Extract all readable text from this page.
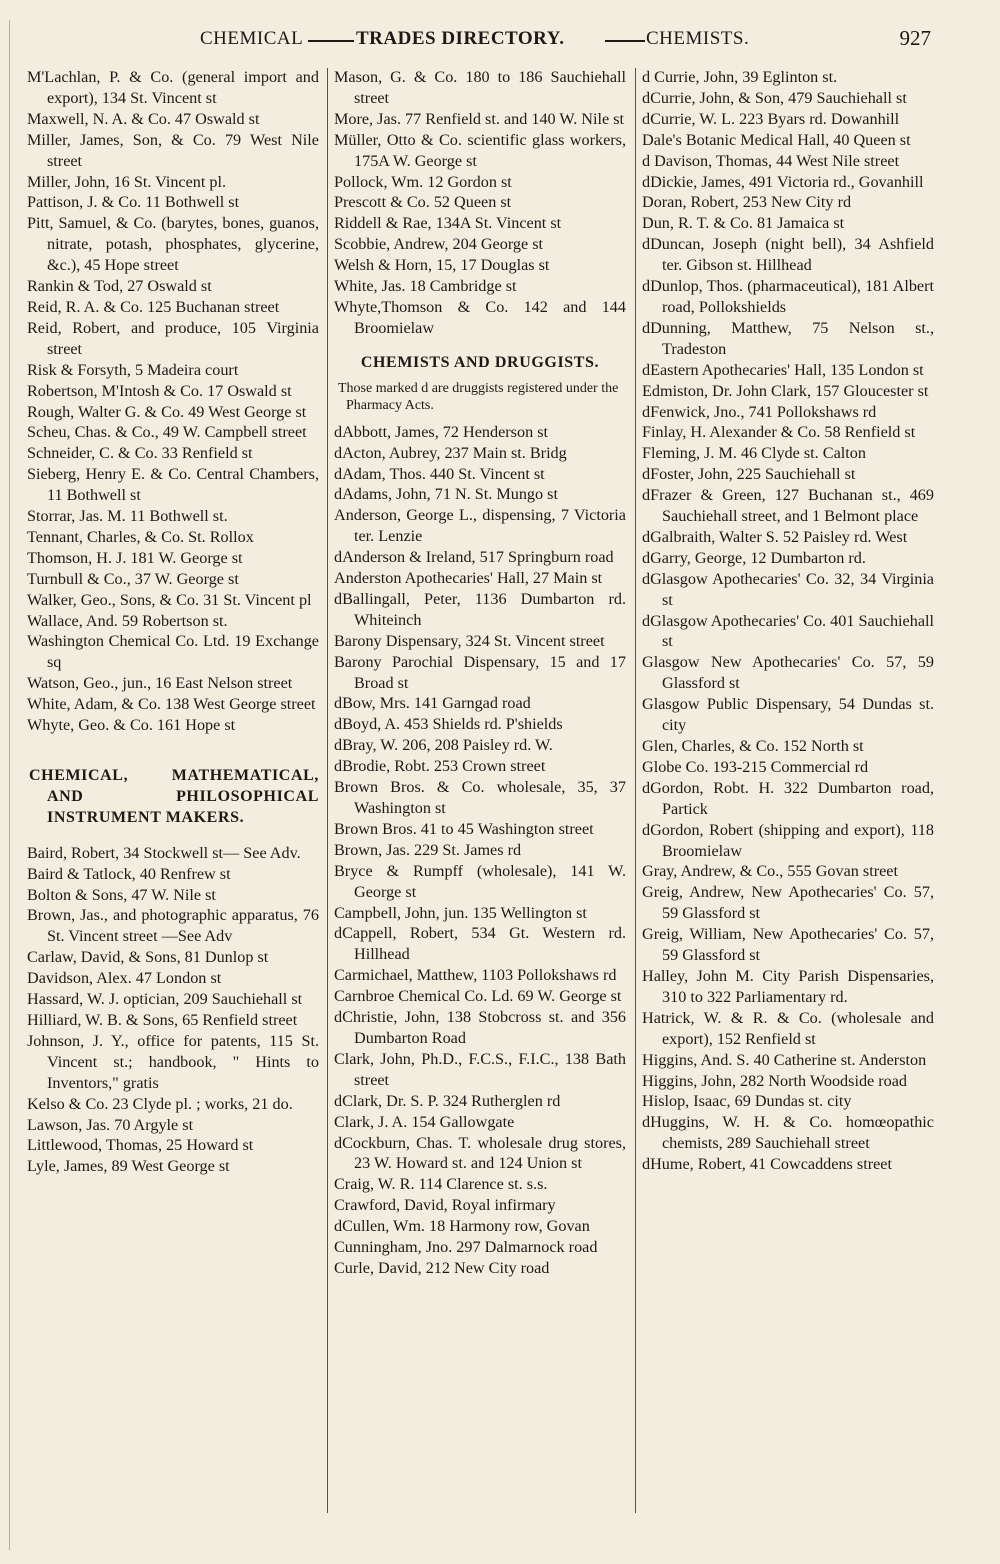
CHEMICAL	TRADES DIRECTORY.	CHEMISTS.	927
M'Lachlan, P. & Co. (general import and export), 134 St. Vincent st
Maxwell, N. A. & Co. 47 Oswald st
Miller, James, Son, & Co. 79 West Nile street
Miller, John, 16 St. Vincent pl.
Pattison, J. & Co. 11 Bothwell st
Pitt, Samuel, & Co. (barytes, bones, guanos, nitrate, potash, phosphates, glycerine, &c.), 45 Hope street
Rankin & Tod, 27 Oswald st
Reid, R. A. & Co. 125 Buchanan street
Reid, Robert, and produce, 105 Virginia street
Risk & Forsyth, 5 Madeira court
Robertson, M'Intosh & Co. 17 Oswald st
Rough, Walter G. & Co. 49 West George st
Scheu, Chas. & Co., 49 W. Campbell street
Schneider, C. & Co. 33 Renfield st
Sieberg, Henry E. & Co. Central Chambers, 11 Bothwell st
Storrar, Jas. M. 11 Bothwell st.
Tennant, Charles, & Co. St. Rollox
Thomson, H. J. 181 W. George st
Turnbull & Co., 37 W. George st
Walker, Geo., Sons, & Co. 31 St. Vincent pl
Wallace, And. 59 Robertson st.
Washington Chemical Co. Ltd. 19 Exchange sq
Watson, Geo., jun., 16 East Nelson street
White, Adam, & Co. 138 West George street
Whyte, Geo. & Co. 161 Hope st
CHEMICAL, MATHEMATICAL, AND PHILOSOPHICAL INSTRUMENT MAKERS.
Baird, Robert, 34 Stockwell st— See Adv.
Baird & Tatlock, 40 Renfrew st
Bolton & Sons, 47 W. Nile st
Brown, Jas., and photographic apparatus, 76 St. Vincent street —See Adv
Carlaw, David, & Sons, 81 Dunlop st
Davidson, Alex. 47 London st
Hassard, W. J. optician, 209 Sauchiehall st
Hilliard, W. B. & Sons, 65 Renfield street
Johnson, J. Y., office for patents, 115 St. Vincent st.; handbook, " Hints to Inventors," gratis
Kelso & Co. 23 Clyde pl. ; works, 21 do.
Lawson, Jas. 70 Argyle st
Littlewood, Thomas, 25 Howard st
Lyle, James, 89 West George st
Mason, G. & Co. 180 to 186 Sauchiehall street
More, Jas. 77 Renfield st. and 140 W. Nile st
Müller, Otto & Co. scientific glass workers, 175A W. George st
Pollock, Wm. 12 Gordon st
Prescott & Co. 52 Queen st
Riddell & Rae, 134A St. Vincent st
Scobbie, Andrew, 204 George st
Welsh & Horn, 15, 17 Douglas st
White, Jas. 18 Cambridge st
Whyte,Thomson & Co. 142 and 144 Broomielaw
CHEMISTS AND DRUGGISTS.
Those marked d are druggists registered under the Pharmacy Acts.
dAbbott, James, 72 Henderson st
dActon, Aubrey, 237 Main st. Bridg
dAdam, Thos. 440 St. Vincent st
dAdams, John, 71 N. St. Mungo st
Anderson, George L., dispensing, 7 Victoria ter. Lenzie
dAnderson & Ireland, 517 Springburn road
Anderston Apothecaries' Hall, 27 Main st
dBallingall, Peter, 1136 Dumbarton rd. Whiteinch
Barony Dispensary, 324 St. Vincent street
Barony Parochial Dispensary, 15 and 17 Broad st
dBow, Mrs. 141 Garngad road
dBoyd, A. 453 Shields rd. P'shields
dBray, W. 206, 208 Paisley rd. W.
dBrodie, Robt. 253 Crown street
Brown Bros. & Co. wholesale, 35, 37 Washington st
Brown Bros. 41 to 45 Washington street
Brown, Jas. 229 St. James rd
Bryce & Rumpff (wholesale), 141 W. George st
Campbell, John, jun. 135 Wellington st
dCappell, Robert, 534 Gt. Western rd. Hillhead
Carmichael, Matthew, 1103 Pollokshaws rd
Carnbroe Chemical Co. Ld. 69 W. George st
dChristie, John, 138 Stobcross st. and 356 Dumbarton Road
Clark, John, Ph.D., F.C.S., F.I.C., 138 Bath street
dClark, Dr. S. P. 324 Rutherglen rd
Clark, J. A. 154 Gallowgate
dCockburn, Chas. T. wholesale drug stores, 23 W. Howard st. and 124 Union st
Craig, W. R. 114 Clarence st. s.s.
Crawford, David, Royal infirmary
dCullen, Wm. 18 Harmony row, Govan
Cunningham, Jno. 297 Dalmarnock road
Curle, David, 212 New City road
d Currie, John, 39 Eglinton st.
dCurrie, John, & Son, 479 Sauchiehall st
dCurrie, W. L. 223 Byars rd. Dowanhill
Dale's Botanic Medical Hall, 40 Queen st
d Davison, Thomas, 44 West Nile street
dDickie, James, 491 Victoria rd., Govanhill
Doran, Robert, 253 New City rd
Dun, R. T. & Co. 81 Jamaica st
dDuncan, Joseph (night bell), 34 Ashfield ter. Gibson st. Hillhead
dDunlop, Thos. (pharmaceutical), 181 Albert road, Pollokshields
dDunning, Matthew, 75 Nelson st., Tradeston
dEastern Apothecaries' Hall, 135 London st
Edmiston, Dr. John Clark, 157 Gloucester st
dFenwick, Jno., 741 Pollokshaws rd
Finlay, H. Alexander & Co. 58 Renfield st
Fleming, J. M. 46 Clyde st. Calton
dFoster, John, 225 Sauchiehall st
dFrazer & Green, 127 Buchanan st., 469 Sauchiehall street, and 1 Belmont place
dGalbraith, Walter S. 52 Paisley rd. West
dGarry, George, 12 Dumbarton rd.
dGlasgow Apothecaries' Co. 32, 34 Virginia st
dGlasgow Apothecaries' Co. 401 Sauchiehall st
Glasgow New Apothecaries' Co. 57, 59 Glassford st
Glasgow Public Dispensary, 54 Dundas st. city
Glen, Charles, & Co. 152 North st
Globe Co. 193-215 Commercial rd
dGordon, Robt. H. 322 Dumbarton road, Partick
dGordon, Robert (shipping and export), 118 Broomielaw
Gray, Andrew, & Co., 555 Govan street
Greig, Andrew, New Apothecaries' Co. 57, 59 Glassford st
Greig, William, New Apothecaries' Co. 57, 59 Glassford st
Halley, John M. City Parish Dispensaries, 310 to 322 Parliamentary rd.
Hatrick, W. & R. & Co. (wholesale and export), 152 Renfield st
Higgins, And. S. 40 Catherine st. Anderston
Higgins, John, 282 North Woodside road
Hislop, Isaac, 69 Dundas st. city
dHuggins, W. H. & Co. homœopathic chemists, 289 Sauchiehall street
dHume, Robert, 41 Cowcaddens street
